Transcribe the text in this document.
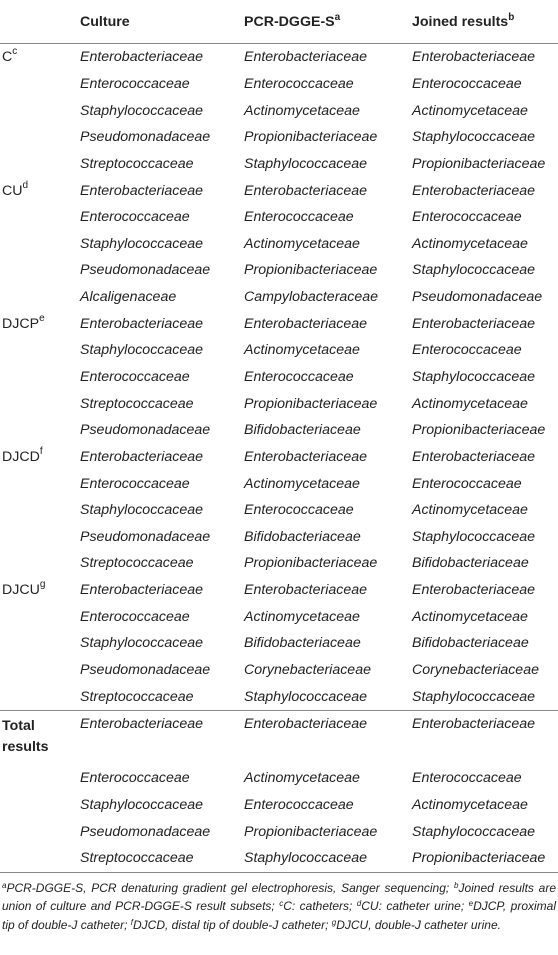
	Culture	PCR-$DGGE-S^a$	Joined results$^b$
$C^c$	Enterobacteriaceae	Enterobacteriaceae	Enterobacteriaceae
	Enterococcaceae	Enterococcaceae	Enterococcaceae
	Staphylococcaceae	Actinomycetaceae	Actinomycetaceae
	Pseudomonadaceae	Propionibacteriaceae	Staphylococcaceae
	Streptococcaceae	Staphylococcaceae	Propionibacteriaceae
$CU^d$	Enterobacteriaceae	Enterobacteriaceae	Enterobacteriaceae
	Enterococcaceae	Enterococcaceae	Enterococcaceae
	Staphylococcaceae	Actinomycetaceae	Actinomycetaceae
	Pseudomonadaceae	Propionibacteriaceae	Staphylococcaceae
	Alcaligenaceae	Campylobacteraceae	Pseudomonadaceae
DJCP$^e$	Enterobacteriaceae	Enterobacteriaceae	Enterobacteriaceae
	Staphylococcaceae	Actinomycetaceae	Enterococcaceae
	Enterococcaceae	Enterococcaceae	Staphylococcaceae
	Streptococcaceae	Propionibacteriaceae	Actinomycetaceae
	Pseudomonadaceae	Bifidobacteriaceae	Propionibacteriaceae
DJCD$^f$	Enterobacteriaceae	Enterobacteriaceae	Enterobacteriaceae
	Enterococcaceae	Actinomycetaceae	Enterococcaceae
	Staphylococcaceae	Enterococcaceae	Actinomycetaceae
	Pseudomonadaceae	Bifidobacteriaceae	Staphylococcaceae
	Streptococcaceae	Propionibacteriaceae	Bifidobacteriaceae
DJCU$^g$	Enterobacteriaceae	Enterobacteriaceae	Enterobacteriaceae
	Enterococcaceae	Actinomycetaceae	Actinomycetaceae
	Staphylococcaceae	Bifidobacteriaceae	Bifidobacteriaceae
	Pseudomonadaceae	Corynebacteriaceae	Corynebacteriaceae
	Streptococcaceae	Staphylococcaceae	Staphylococcaceae
Total results	Enterobacteriaceae	Enterobacteriaceae	Enterobacteriaceae
	Enterococcaceae	Actinomycetaceae	Enterococcaceae
	Staphylococcaceae	Enterococcaceae	Actinomycetaceae
	Pseudomonadaceae	Propionibacteriaceae	Staphylococcaceae
	Streptococcaceae	Staphylococcaceae	Propionibacteriaceae
$^a$PCR-DGGE-S, PCR denaturing gradient gel electrophoresis, Sanger sequencing; $^b$Joined results are union of culture and PCR-DGGE-S result subsets; $^c$C: catheters; $^d$CU: catheter urine; $^e$DJCP, proximal tip of double-J catheter; $^f$DJCD, distal tip of double-J catheter; $^g$DJCU, double-J catheter urine.
